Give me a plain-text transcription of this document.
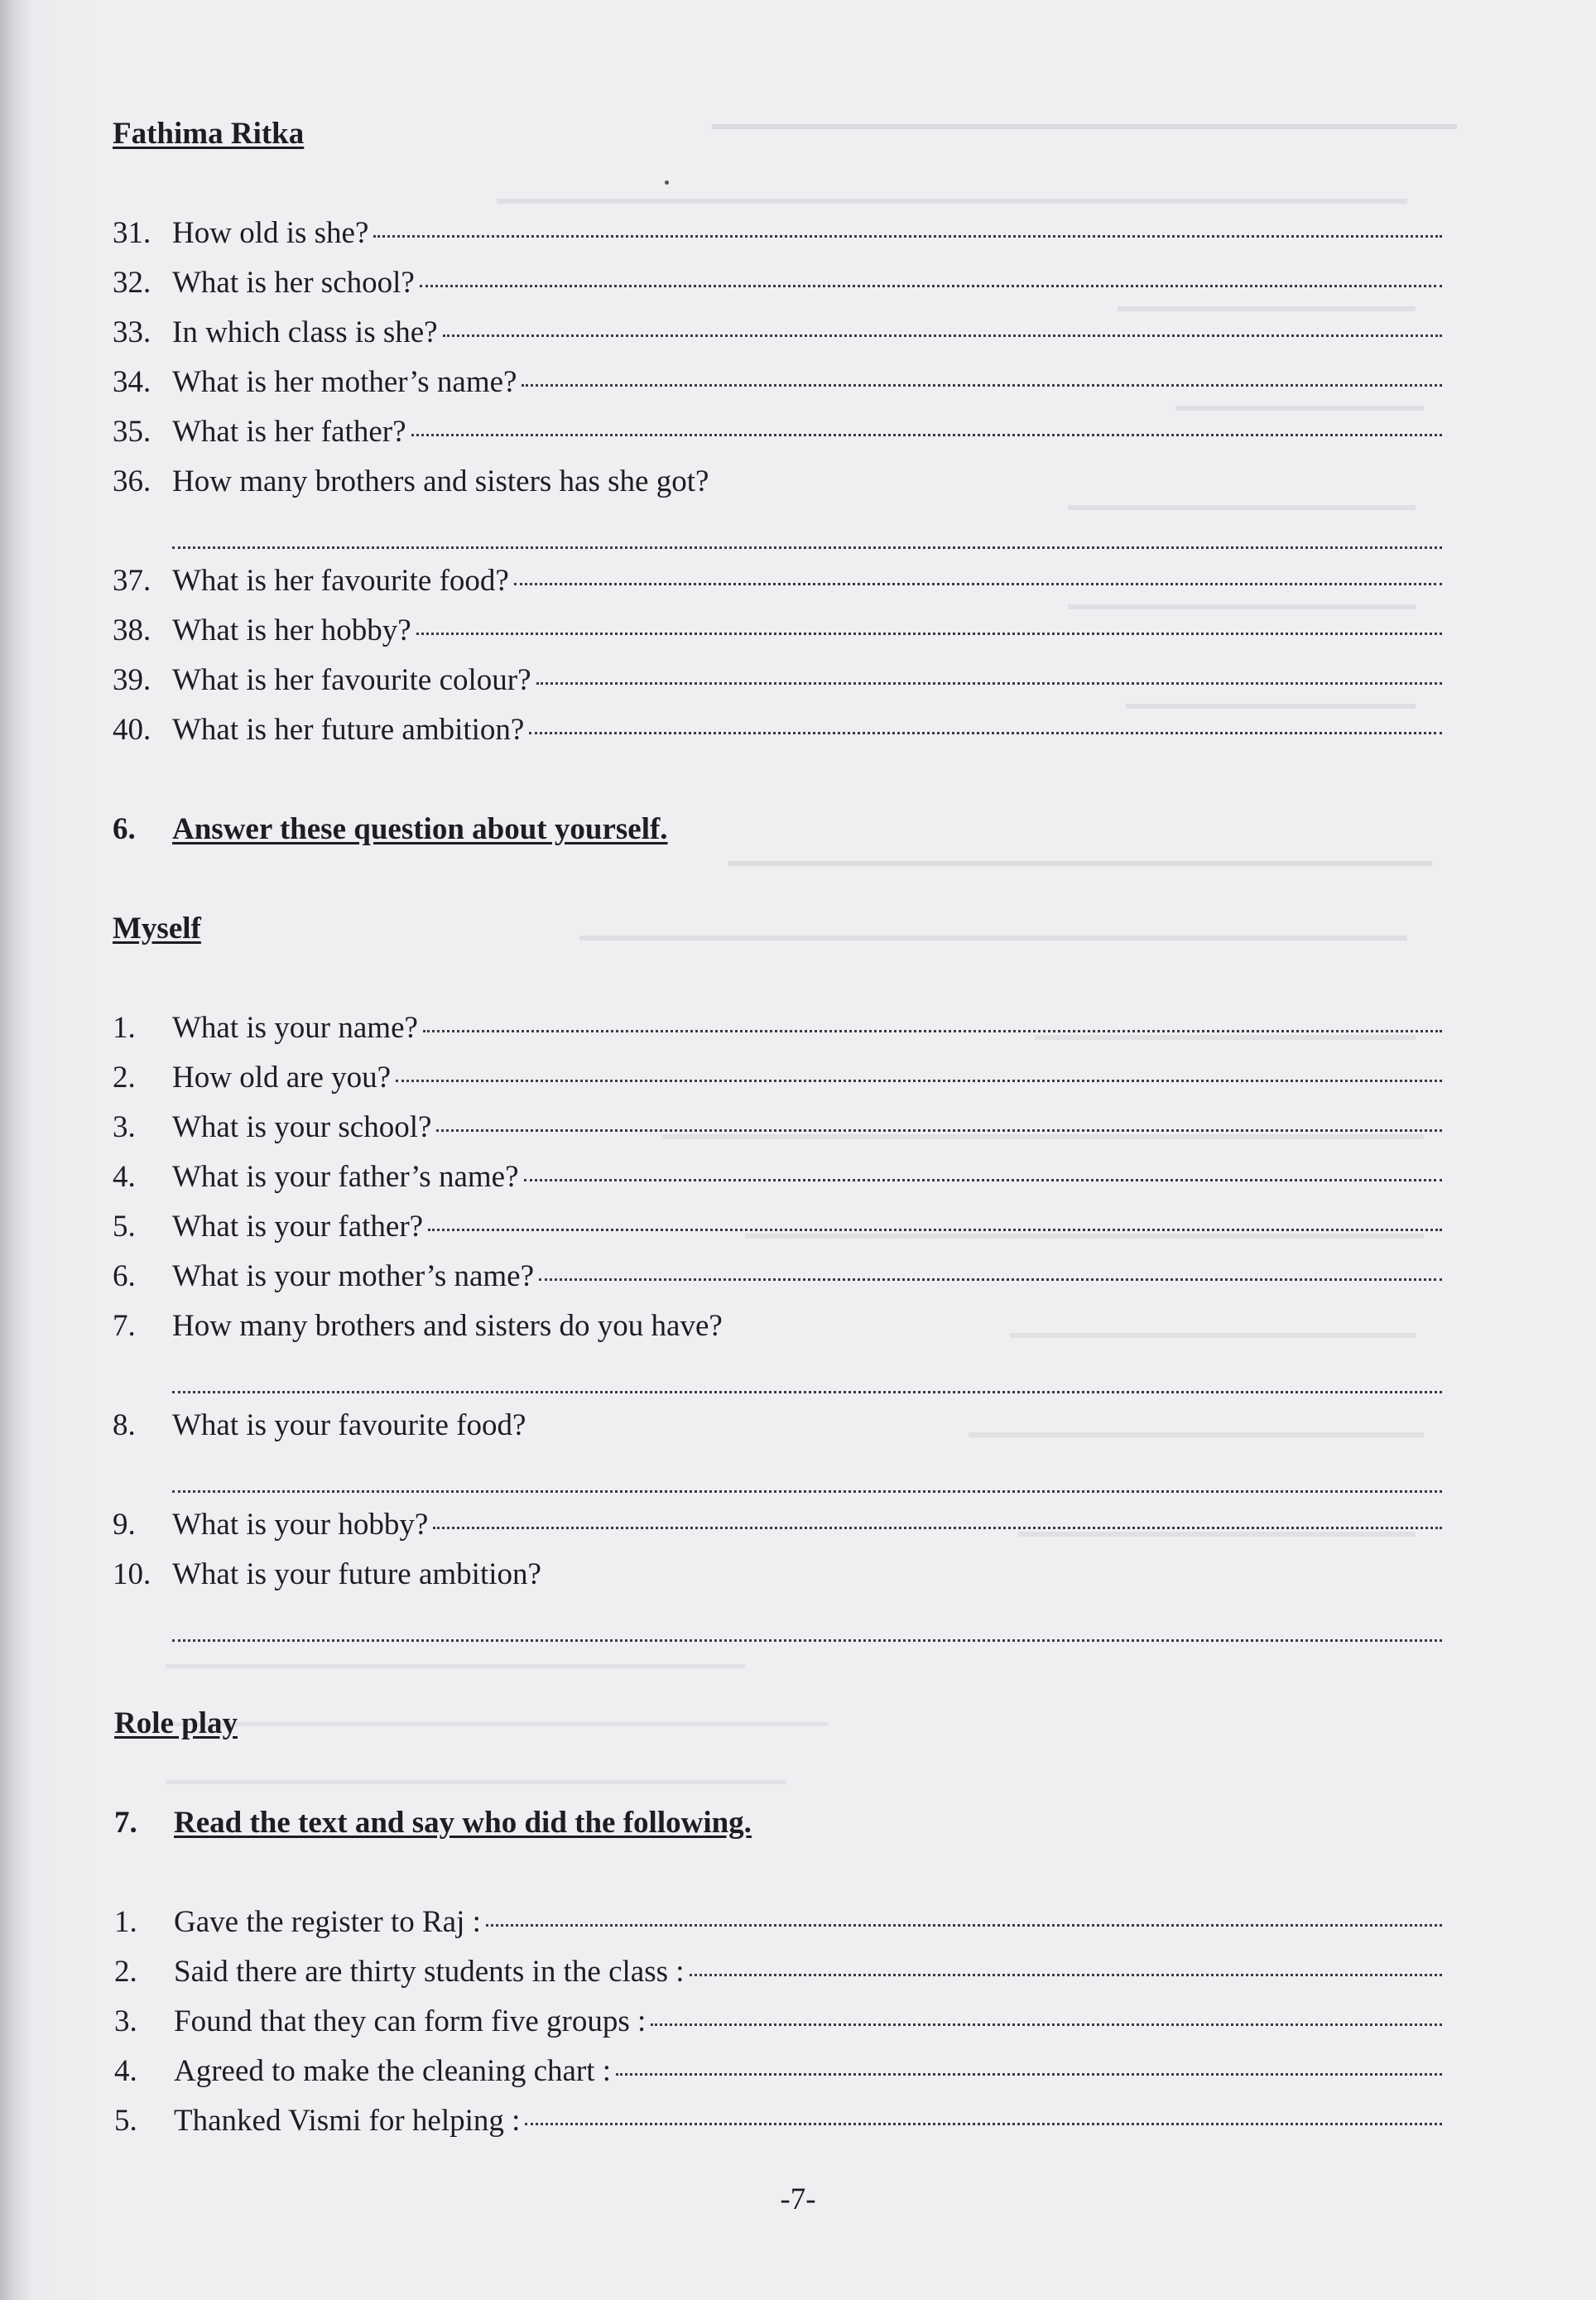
Fathima Ritka
31. How old is she?
32. What is her school?
33. In which class is she?
34. What is her mother’s name?
35. What is her father?
36. How many brothers and sisters has she got?
37. What is her favourite food?
38. What is her hobby?
39. What is her favourite colour?
40. What is her future ambition?
6. Answer these question about yourself.
Myself
1.	What is your name?
2.	How old are you?
3.	What is your school?
4.	What is your father’s name?
5.	What is your father?
6.	What is your mother’s name?
7.	How many brothers and sisters do you have?
8.	What is your favourite food?
9.	What is your hobby?
10. What is your future ambition?
Role play
7. Read the text and say who did the following.
1.	Gave the register to Raj :
2.	Said there are thirty students in the class :
3.	Found that they can form five groups :
4.	Agreed to make the cleaning chart :
5.	Thanked Vismi for helping :
-7-
